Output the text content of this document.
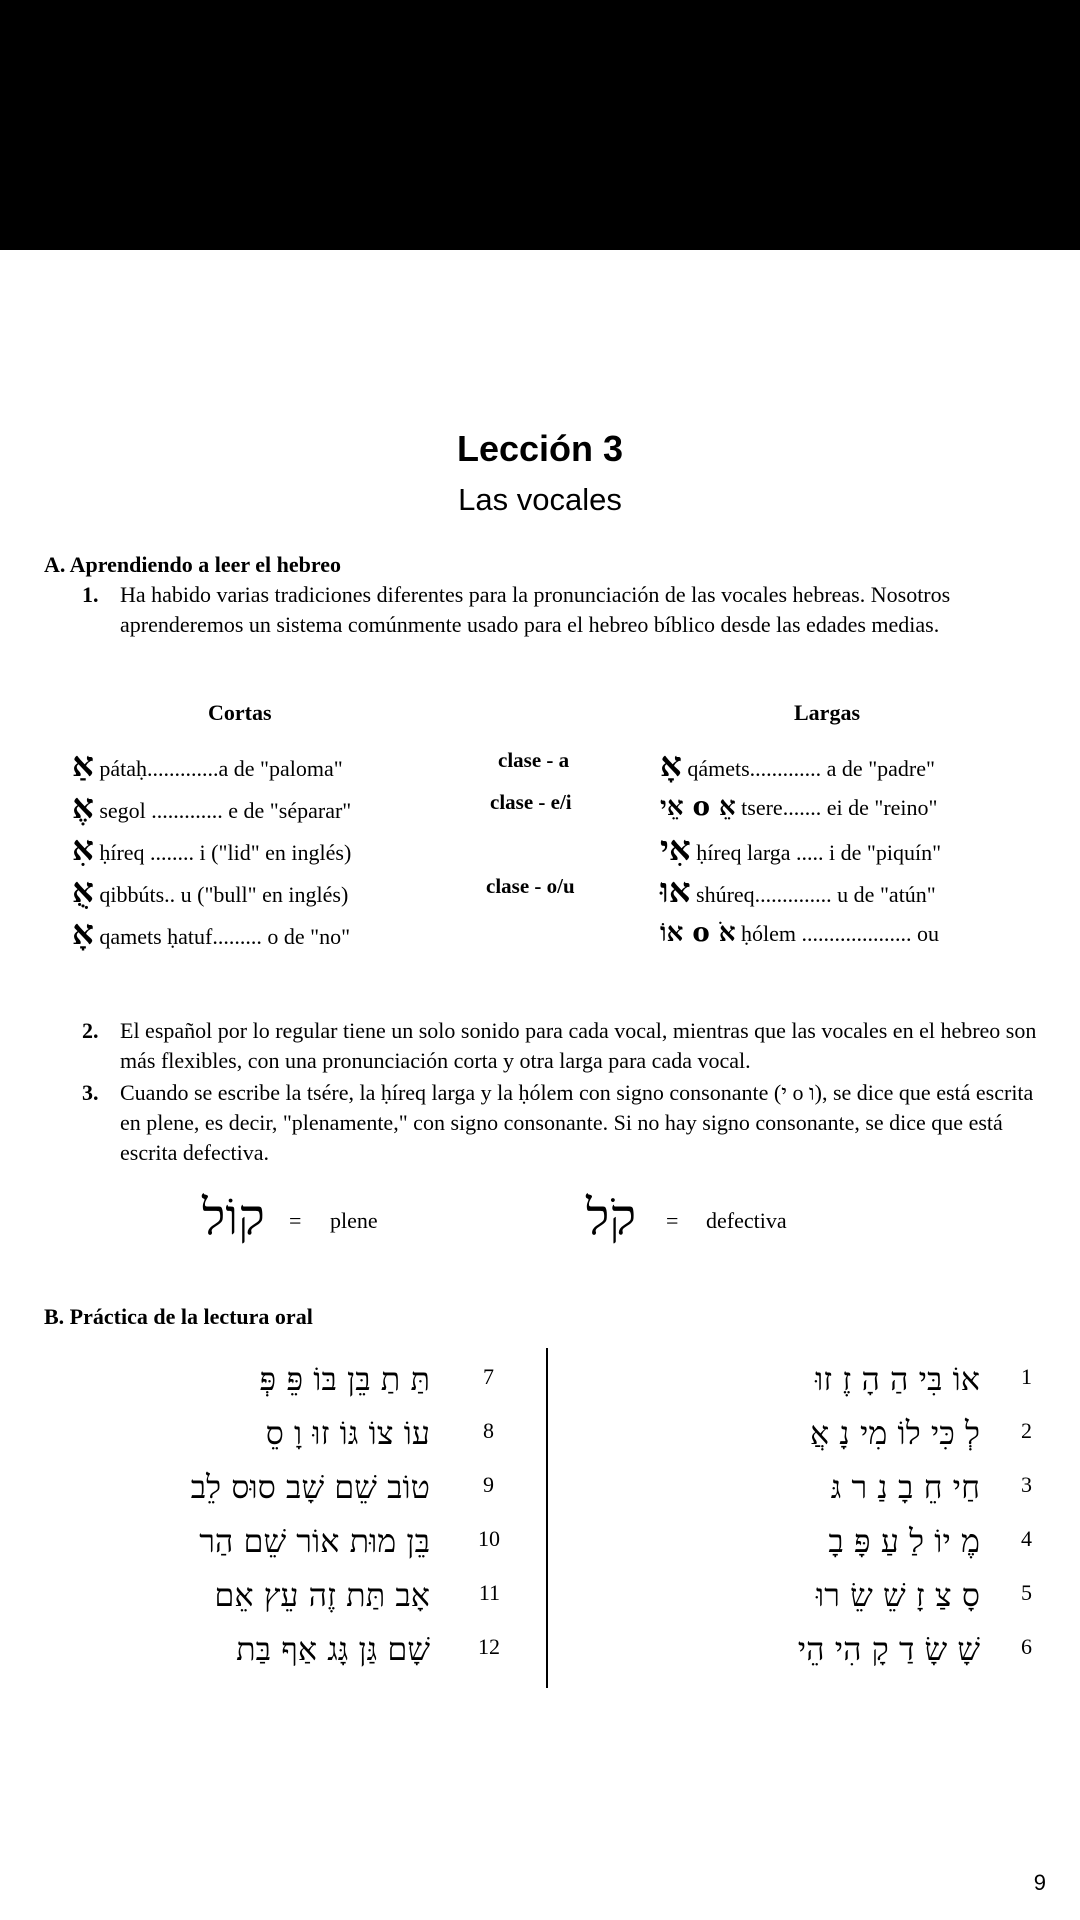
Lección 3
Las vocales
A. Aprendiendo a leer el hebreo
1. Ha habido varias tradiciones diferentes para la pronunciación de las vocales hebreas. Nosotros aprenderemos un sistema comúnmente usado para el hebreo bíblico desde las edades medias.
Cortas	Largas
אַ pátaḥ.............a de "paloma"
אֶ segol ............. e de "séparar"
אִ ḥíreq ........ i ("lid" en inglés)
אֻ qibbúts.. u ("bull" en inglés)
אָ qamets ḥatuf......... o de "no"
clase - a
clase - e/i
clase - o/u
אָ qámets............. a de "padre"
אֵי o אֵ tsere....... ei de "reino"
אִי ḥíreq larga ..... i de "piquín"
אוּ shúreq.............. u de "atún"
אוֹ o אֹ ḥólem .................... ou
2. El español por lo regular tiene un solo sonido para cada vocal, mientras que las vocales en el hebreo son más flexibles, con una pronunciación corta y otra larga para cada vocal.
3. Cuando se escribe la tsére, la ḥíreq larga y la ḥólem con signo consonante (י o ו), se dice que está escrita en plene, es decir, "plenamente," con signo consonante. Si no hay signo consonante, se dice que está escrita defectiva.
קוֹל = plene	קֹל = defectiva
B. Práctica de la lectura oral
אוֹ בִּי הַ הָ זֶ זוּ 1
לְ כִּי לוֹ מִי נָ אֲ 2
חַי חֵ בָ נַ ר גּ 3
מֶ יוֹ לַ עַ פָּ בָ 4
סָ צַ זָ שֵׁ שֵׂ רוּ 5
שָׁ שָׂ דַ קָ הִי הֵי 6
תַּ תַ בֵּן בּוֹ פֵּ פְּ 7
עוֹ צוֹ גּוֹ זוּ וָ סֵ 8
טוֹב שֵׁם שָׁב סוּס לֵב 9
בֵּן מוּת אוֹר שֵׁם הַר 10
אָב תַּת זֶה עֵץ אֵם 11
שָׁם גַּן גָּג אַף בַּת 12
9
